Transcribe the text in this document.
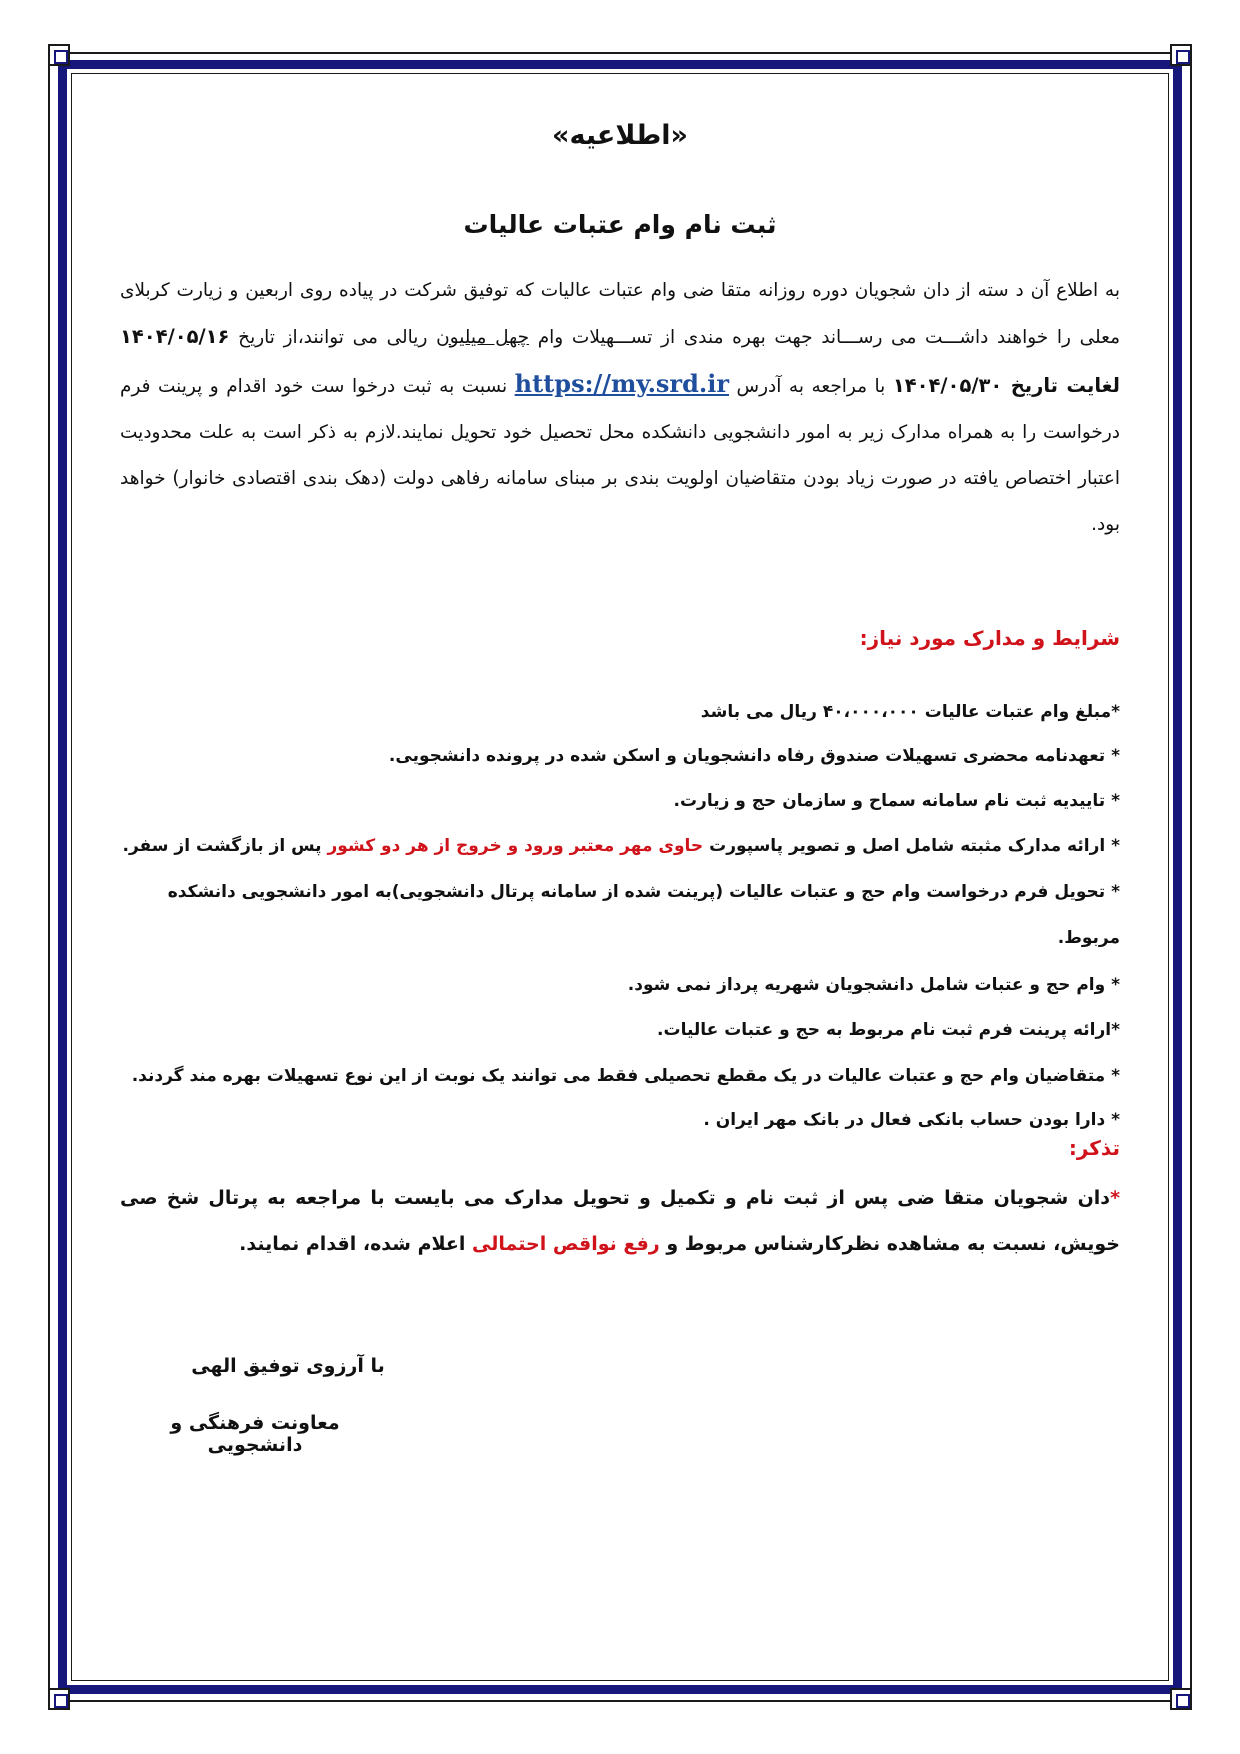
«اطلاعیه»
ثبت نام وام عتبات عالیات
به اطلاع آن د سته از دان شجویان دوره روزانه متقا ضی وام عتبات عالیات که توفیق شرکت در پیاده روی اربعین و زیارت کربلای معلی را خواهند داشـــت می رســـاند جهت بهره مندی از تســـهیلات وام چهل میلیون ریالی می توانند،از تاریخ ۱۴۰۴/۰۵/۱۶ لغایت تاریخ ۱۴۰۴/۰۵/۳۰ با مراجعه به آدرس https://my.srd.ir نسبت به ثبت درخوا ست خود اقدام و پرینت فرم درخواست را به همراه مدارک زیر به امور دانشجویی دانشکده محل تحصیل خود تحویل نمایند.لازم به ذکر است به علت محدودیت اعتبار اختصاص یافته در صورت زیاد بودن متقاضیان اولویت بندی بر مبنای سامانه رفاهی دولت (دهک بندی اقتصادی خانوار) خواهد بود.
شرایط و مدارک مورد نیاز:
*مبلغ وام عتبات عالیات ۴۰،۰۰۰،۰۰۰ ریال می باشد
* تعهدنامه محضری تسهیلات صندوق رفاه دانشجویان و اسکن شده در پرونده دانشجویی.
* تاییدیه ثبت نام سامانه سماح و سازمان حج و زیارت.
* ارائه مدارک مثبته شامل اصل و تصویر پاسپورت حاوی مهر معتبر ورود و خروج از هر دو کشور پس از بازگشت از سفر.
* تحویل فرم درخواست وام حج و عتبات عالیات (پرینت شده از سامانه پرتال دانشجویی)به امور دانشجویی دانشکده
مربوط.
* وام حج و عتبات شامل دانشجویان شهریه پرداز نمی شود.
*ارائه پرینت فرم ثبت نام مربوط به حج و عتبات عالیات.
* متقاضیان وام حج و عتبات عالیات در یک مقطع تحصیلی فقط می توانند یک نوبت از این نوع تسهیلات بهره مند گردند.
* دارا بودن حساب بانکی فعال در بانک مهر ایران .
تذکر:
*دان شجویان متقا ضی پس از ثبت نام و تکمیل و تحویل مدارک می بایست با مراجعه به پرتال شخ صی خویش، نسبت به مشاهده نظرکارشناس مربوط و رفع نواقص احتمالی اعلام شده، اقدام نمایند.
با آرزوی توفیق الهی
معاونت فرهنگی و دانشجویی
